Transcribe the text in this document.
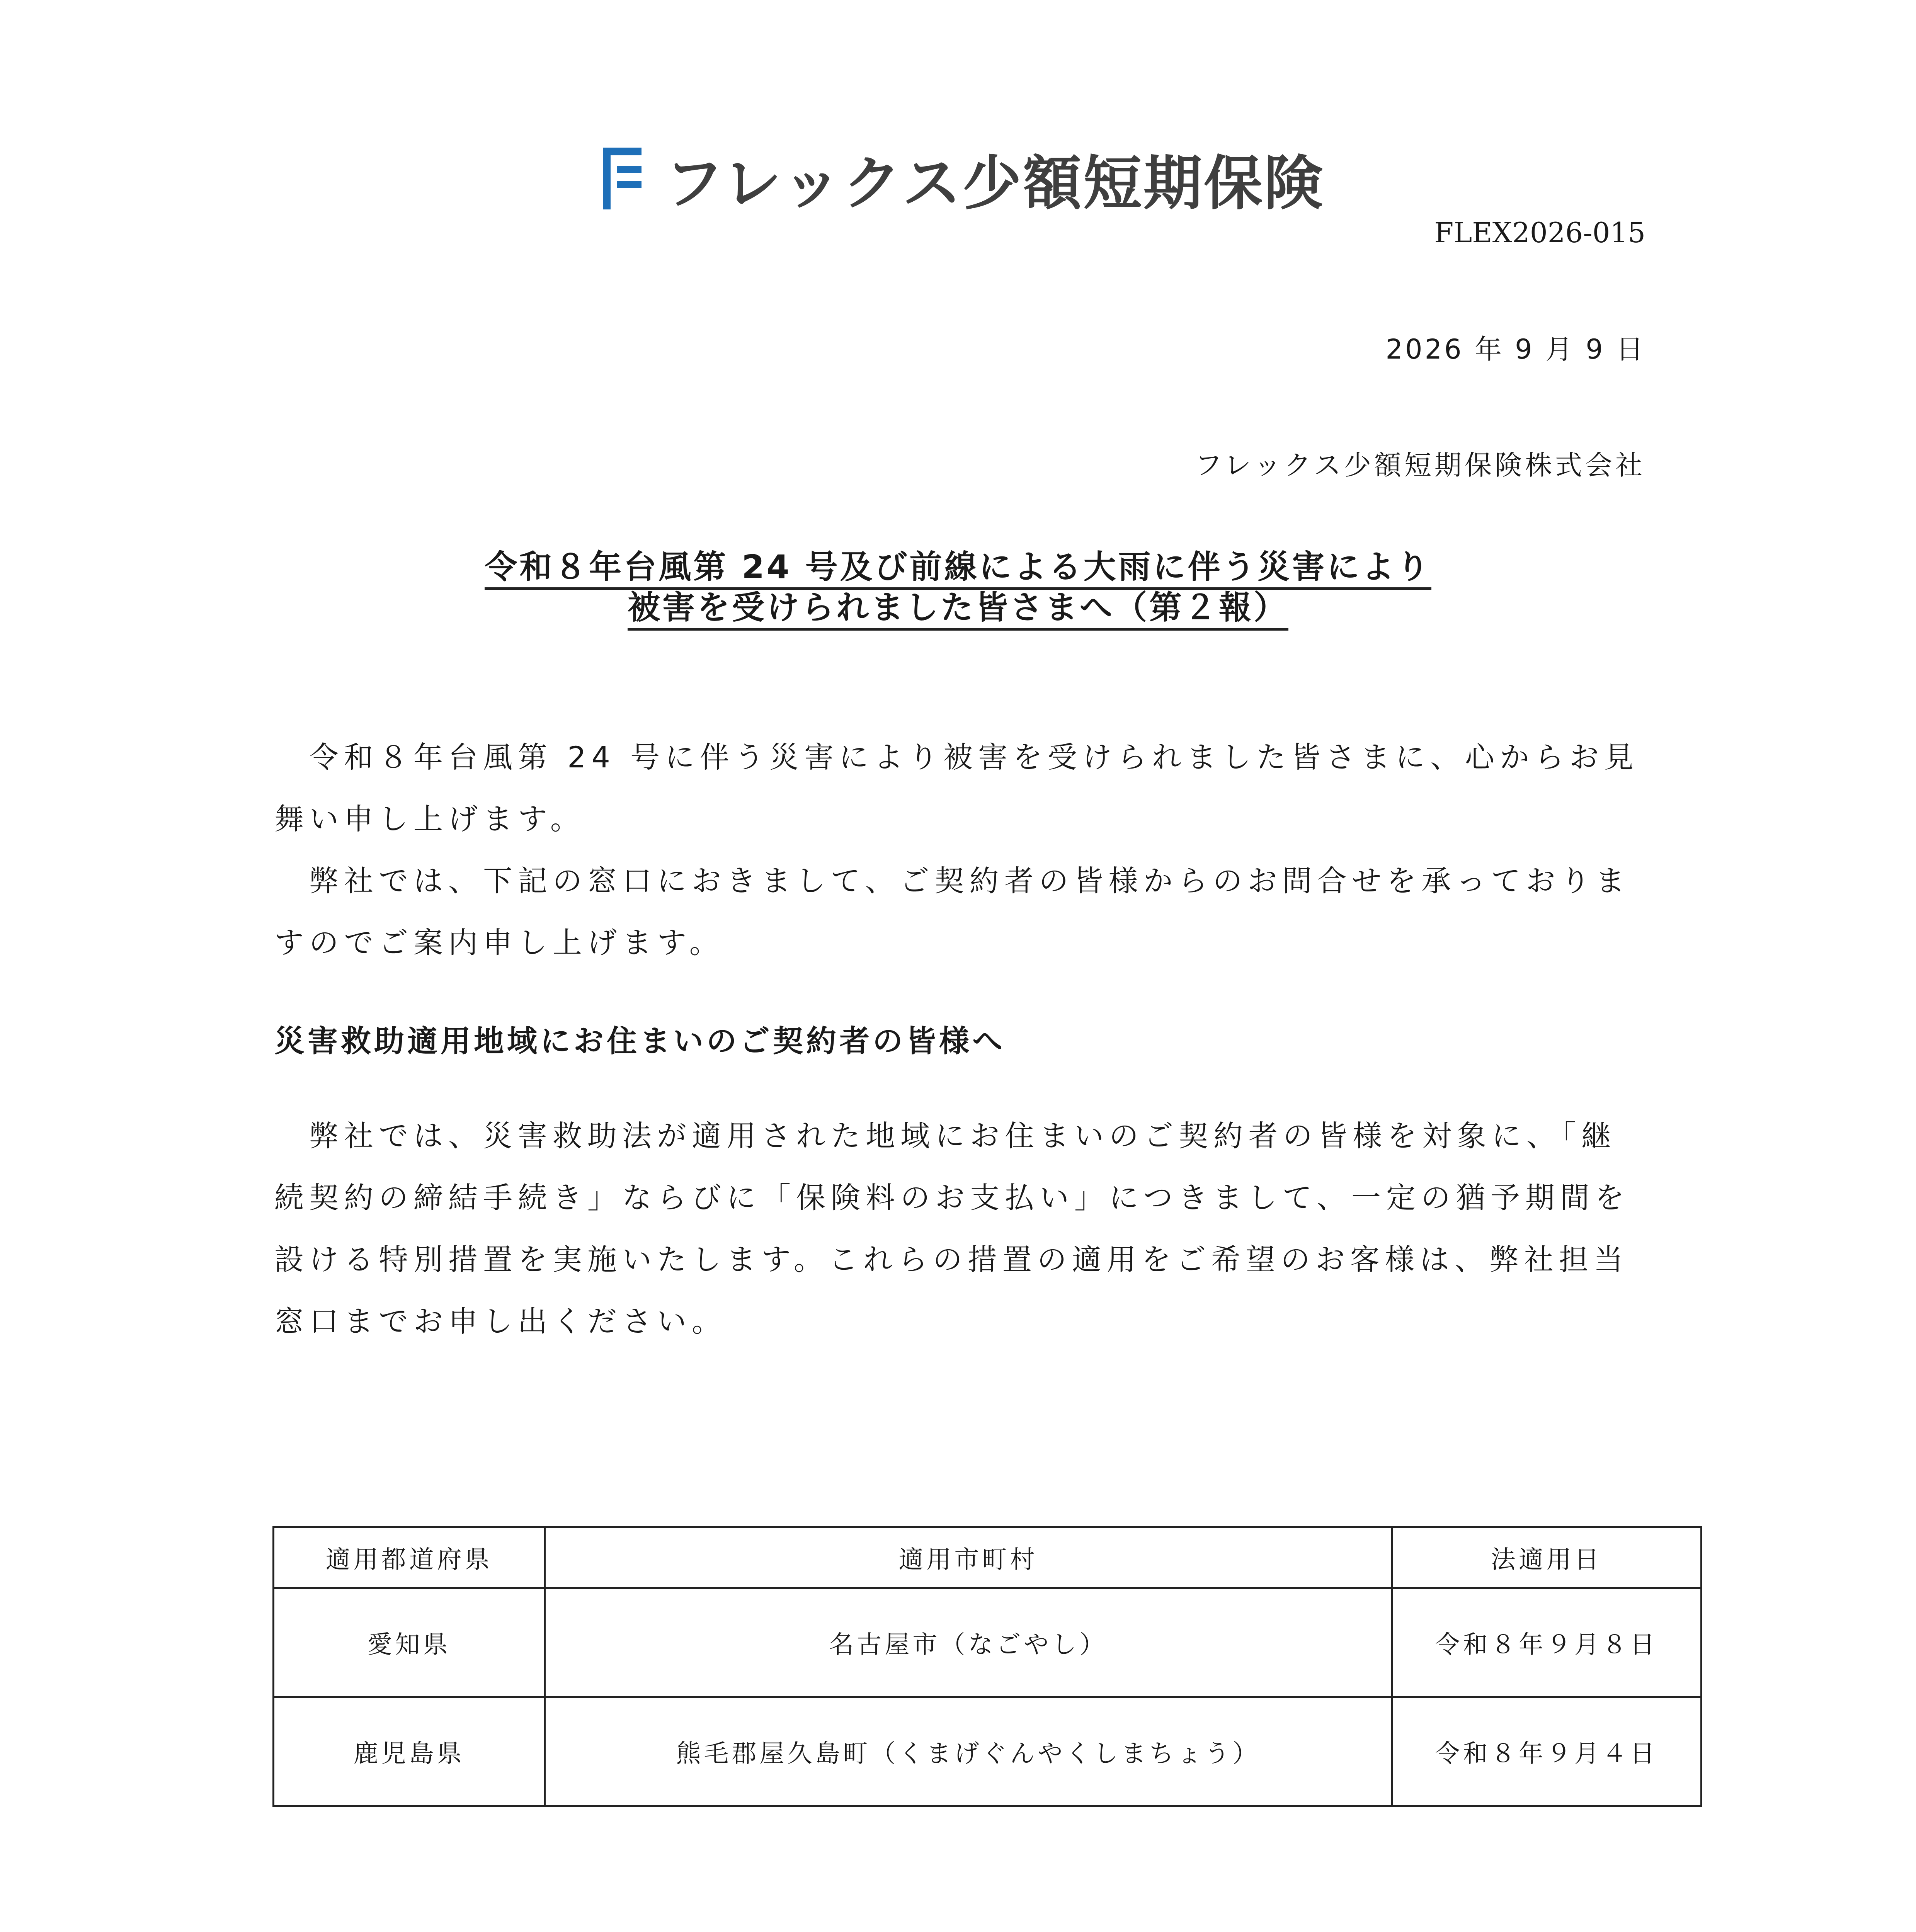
フレックス少額短期保険
FLEX2026-015
2026 年 9 月 9 日
フレックス少額短期保険株式会社
令和８年台風第 24 号及び前線による大雨に伴う災害により
被害を受けられました皆さまへ（第２報）
　令和８年台風第 24 号に伴う災害により被害を受けられました皆さまに、心からお見
舞い申し上げます。
　弊社では、下記の窓口におきまして、ご契約者の皆様からのお問合せを承っておりま
すのでご案内申し上げます。
災害救助適用地域にお住まいのご契約者の皆様へ
　弊社では、災害救助法が適用された地域にお住まいのご契約者の皆様を対象に、「継
続契約の締結手続き」ならびに「保険料のお支払い」につきまして、一定の猶予期間を
設ける特別措置を実施いたします。これらの措置の適用をご希望のお客様は、弊社担当
窓口までお申し出ください。
適用都道府県	適用市町村	法適用日
愛知県	名古屋市（なごやし）	令和８年９月８日
鹿児島県	熊毛郡屋久島町（くまげぐんやくしまちょう）	令和８年９月４日
